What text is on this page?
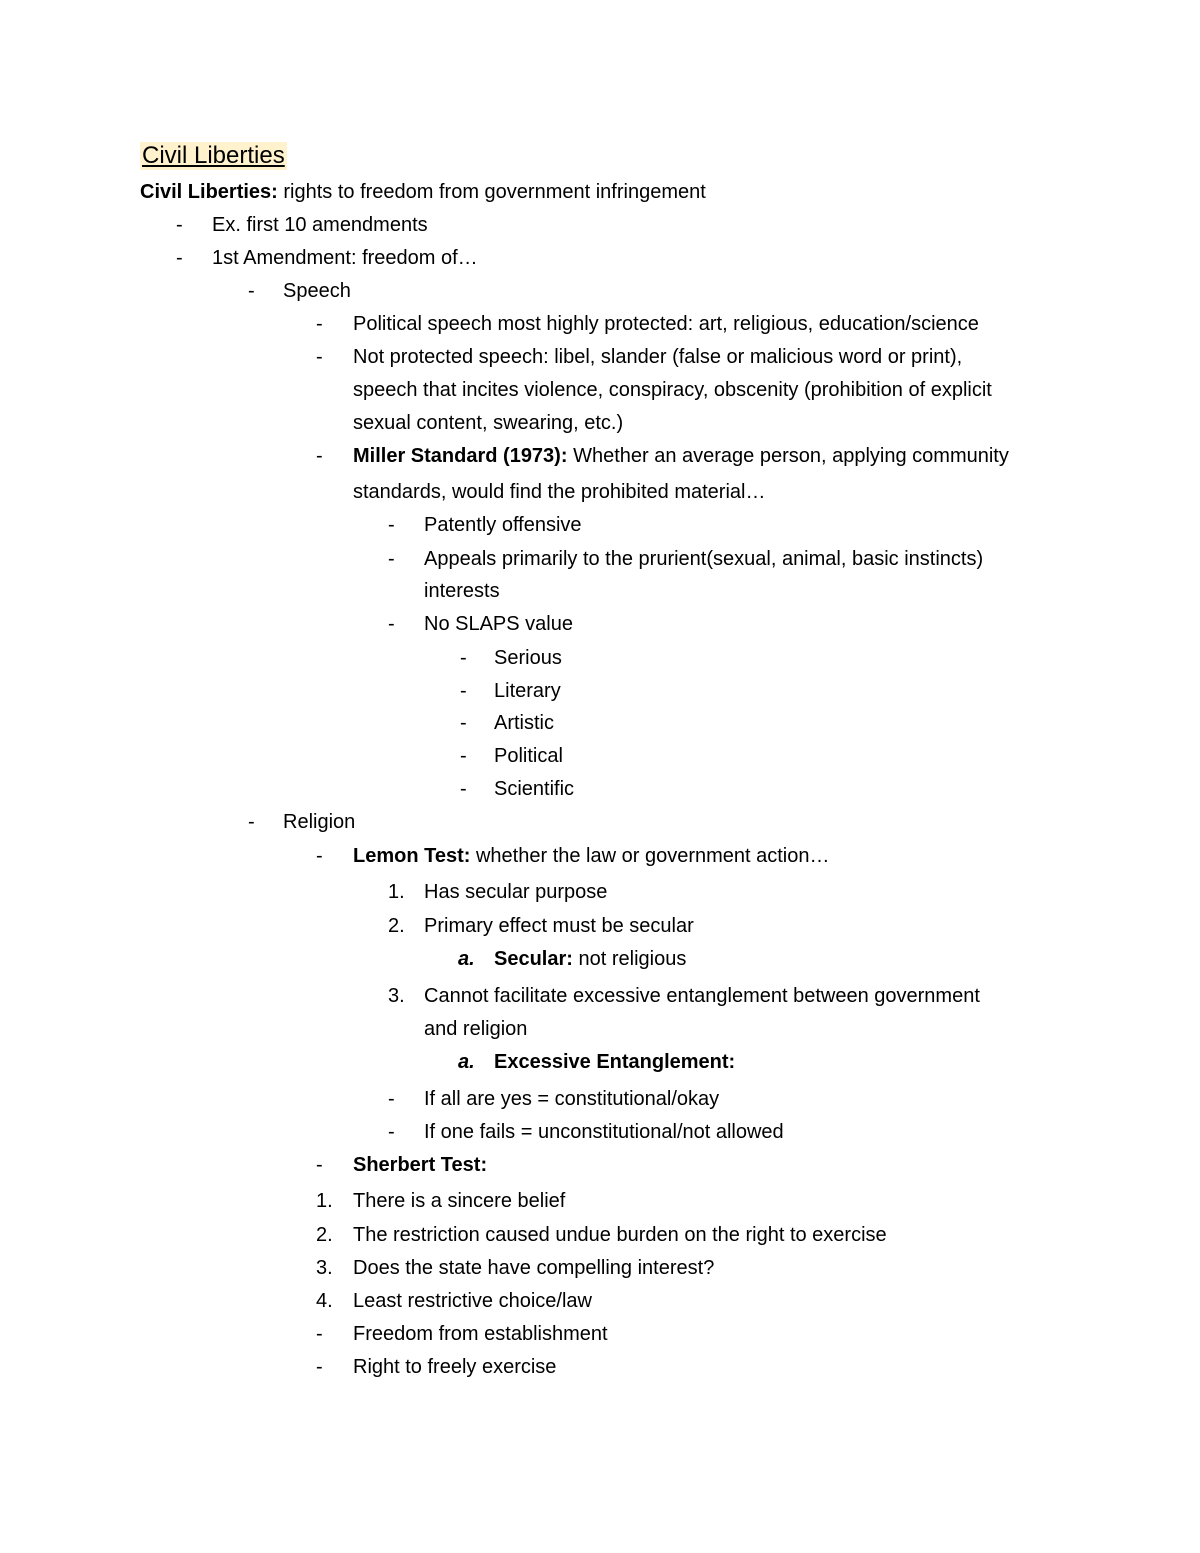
Civil Liberties
Civil Liberties: rights to freedom from government infringement
- Ex. first 10 amendments
- 1st Amendment: freedom of…
- Speech
- Political speech most highly protected: art, religious, education/science
- Not protected speech: libel, slander (false or malicious word or print),
speech that incites violence, conspiracy, obscenity (prohibition of explicit
sexual content, swearing, etc.)
- Miller Standard (1973): Whether an average person, applying community
standards, would find the prohibited material…
- Patently offensive
- Appeals primarily to the prurient(sexual, animal, basic instincts)
interests
- No SLAPS value
- Serious
- Literary
- Artistic
- Political
- Scientific
- Religion
- Lemon Test: whether the law or government action…
1. Has secular purpose
2. Primary effect must be secular
a. Secular: not religious
3. Cannot facilitate excessive entanglement between government
and religion
a. Excessive Entanglement:
- If all are yes = constitutional/okay
- If one fails = unconstitutional/not allowed
- Sherbert Test:
1. There is a sincere belief
2. The restriction caused undue burden on the right to exercise
3. Does the state have compelling interest?
4. Least restrictive choice/law
- Freedom from establishment
- Right to freely exercise
